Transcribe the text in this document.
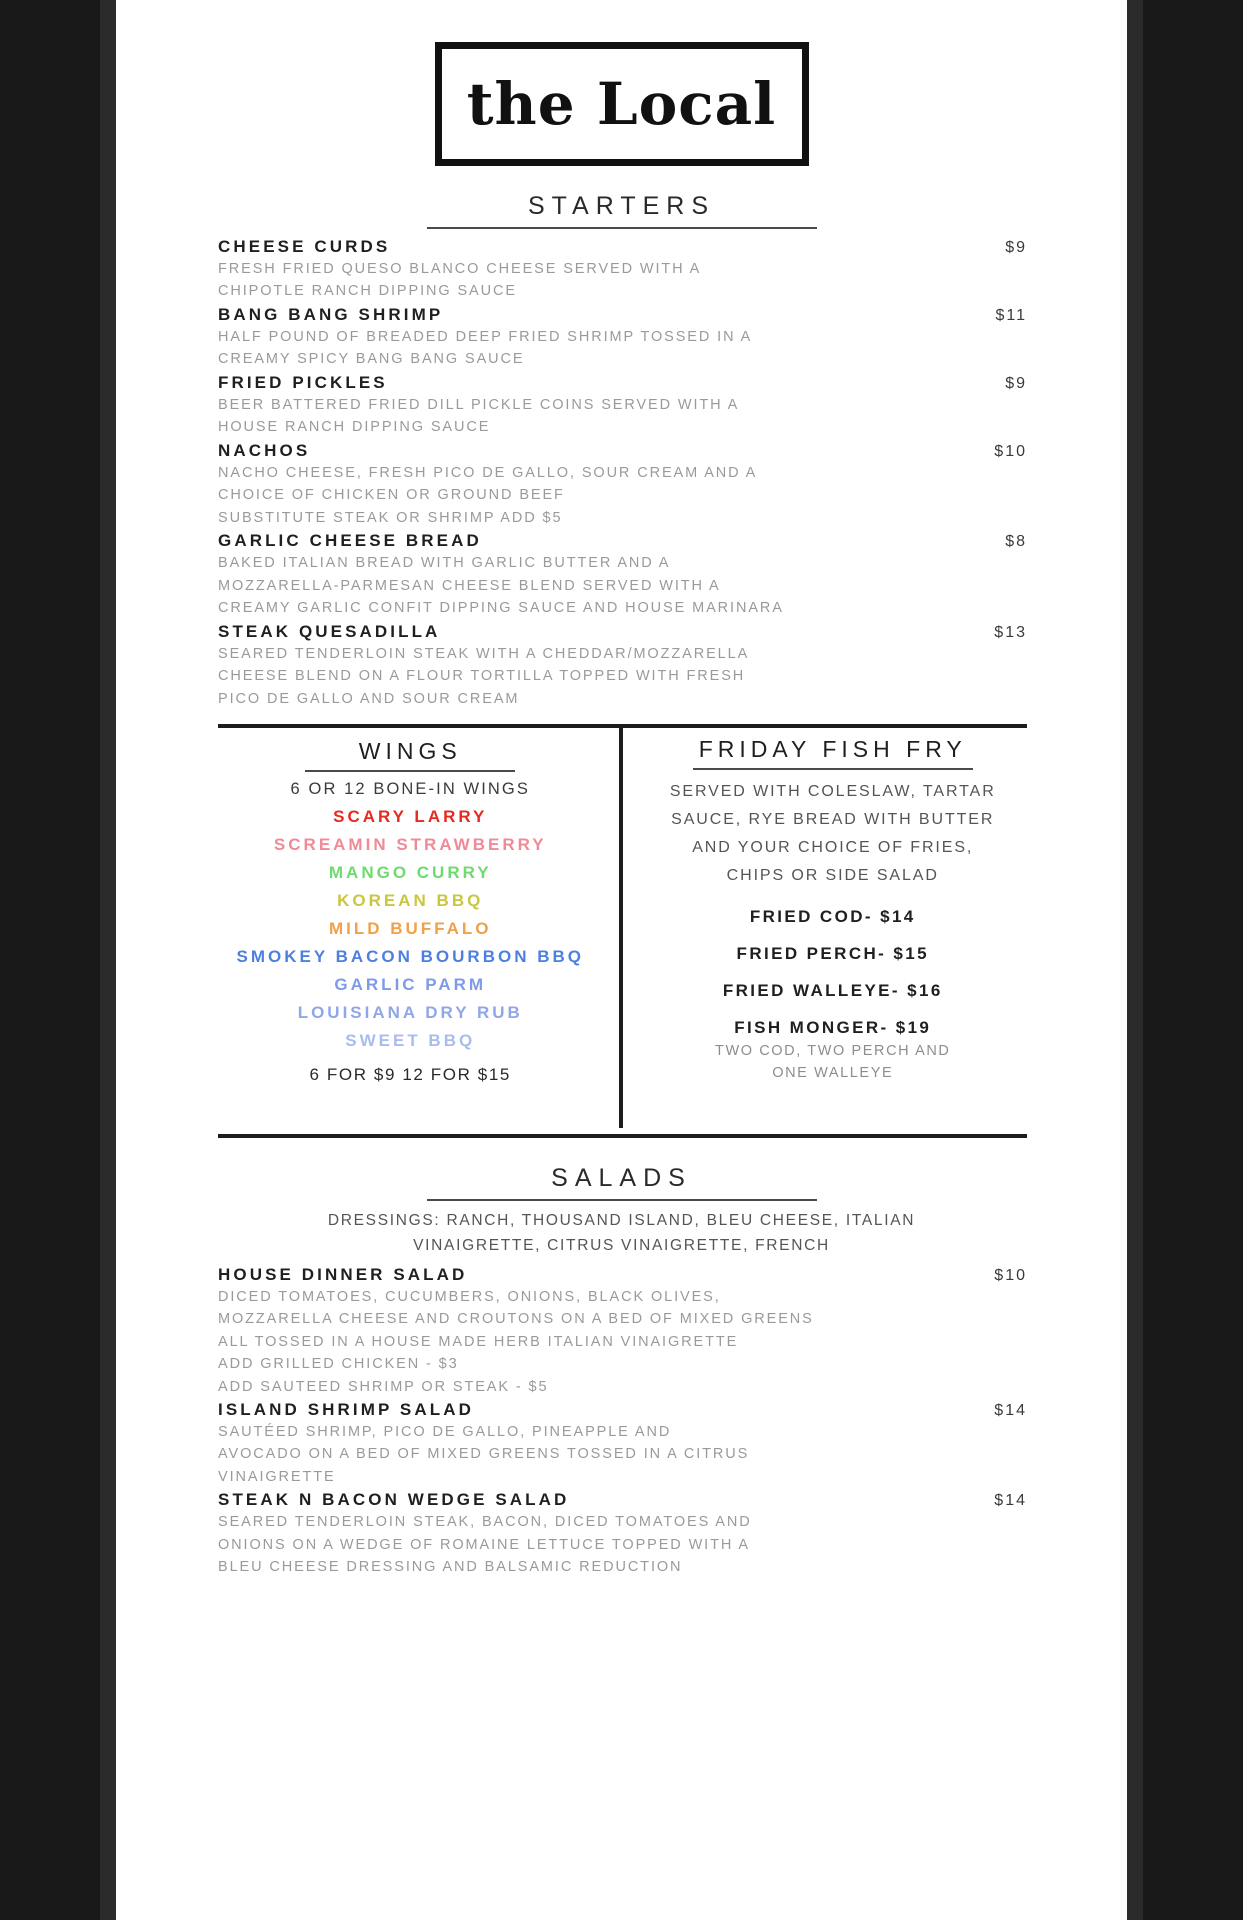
the Local
STARTERS
CHEESE CURDS	$9
FRESH FRIED QUESO BLANCO CHEESE SERVED WITH A
CHIPOTLE RANCH DIPPING SAUCE
BANG BANG SHRIMP	$11
HALF POUND OF BREADED DEEP FRIED SHRIMP TOSSED IN A
CREAMY SPICY BANG BANG SAUCE
FRIED PICKLES	$9
BEER BATTERED FRIED DILL PICKLE COINS SERVED WITH A
HOUSE RANCH DIPPING SAUCE
NACHOS	$10
NACHO CHEESE, FRESH PICO DE GALLO, SOUR CREAM AND A
CHOICE OF CHICKEN OR GROUND BEEF
SUBSTITUTE STEAK OR SHRIMP ADD $5
GARLIC CHEESE BREAD	$8
BAKED ITALIAN BREAD WITH GARLIC BUTTER AND A
MOZZARELLA-PARMESAN CHEESE BLEND SERVED WITH A
CREAMY GARLIC CONFIT DIPPING SAUCE AND HOUSE MARINARA
STEAK QUESADILLA	$13
SEARED TENDERLOIN STEAK WITH A CHEDDAR/MOZZARELLA
CHEESE BLEND ON A FLOUR TORTILLA TOPPED WITH FRESH
PICO DE GALLO AND SOUR CREAM
WINGS
6 OR 12 BONE-IN WINGS
SCARY LARRY
SCREAMIN STRAWBERRY
MANGO CURRY
KOREAN BBQ
MILD BUFFALO
SMOKEY BACON BOURBON BBQ
GARLIC PARM
LOUISIANA DRY RUB
SWEET BBQ
6 FOR $9 12 FOR $15
FRIDAY FISH FRY
SERVED WITH COLESLAW, TARTAR
SAUCE, RYE BREAD WITH BUTTER
AND YOUR CHOICE OF FRIES,
CHIPS OR SIDE SALAD
FRIED COD- $14
FRIED PERCH- $15
FRIED WALLEYE- $16
FISH MONGER- $19
TWO COD, TWO PERCH AND
ONE WALLEYE
SALADS
DRESSINGS: RANCH, THOUSAND ISLAND, BLEU CHEESE, ITALIAN
VINAIGRETTE, CITRUS VINAIGRETTE, FRENCH
HOUSE DINNER SALAD	$10
DICED TOMATOES, CUCUMBERS, ONIONS, BLACK OLIVES,
MOZZARELLA CHEESE AND CROUTONS ON A BED OF MIXED GREENS
ALL TOSSED IN A HOUSE MADE HERB ITALIAN VINAIGRETTE
ADD GRILLED CHICKEN - $3
ADD SAUTEED SHRIMP OR STEAK - $5
ISLAND SHRIMP SALAD	$14
SAUTÉED SHRIMP, PICO DE GALLO, PINEAPPLE AND
AVOCADO ON A BED OF MIXED GREENS TOSSED IN A CITRUS
VINAIGRETTE
STEAK N BACON WEDGE SALAD	$14
SEARED TENDERLOIN STEAK, BACON, DICED TOMATOES AND
ONIONS ON A WEDGE OF ROMAINE LETTUCE TOPPED WITH A
BLEU CHEESE DRESSING AND BALSAMIC REDUCTION
